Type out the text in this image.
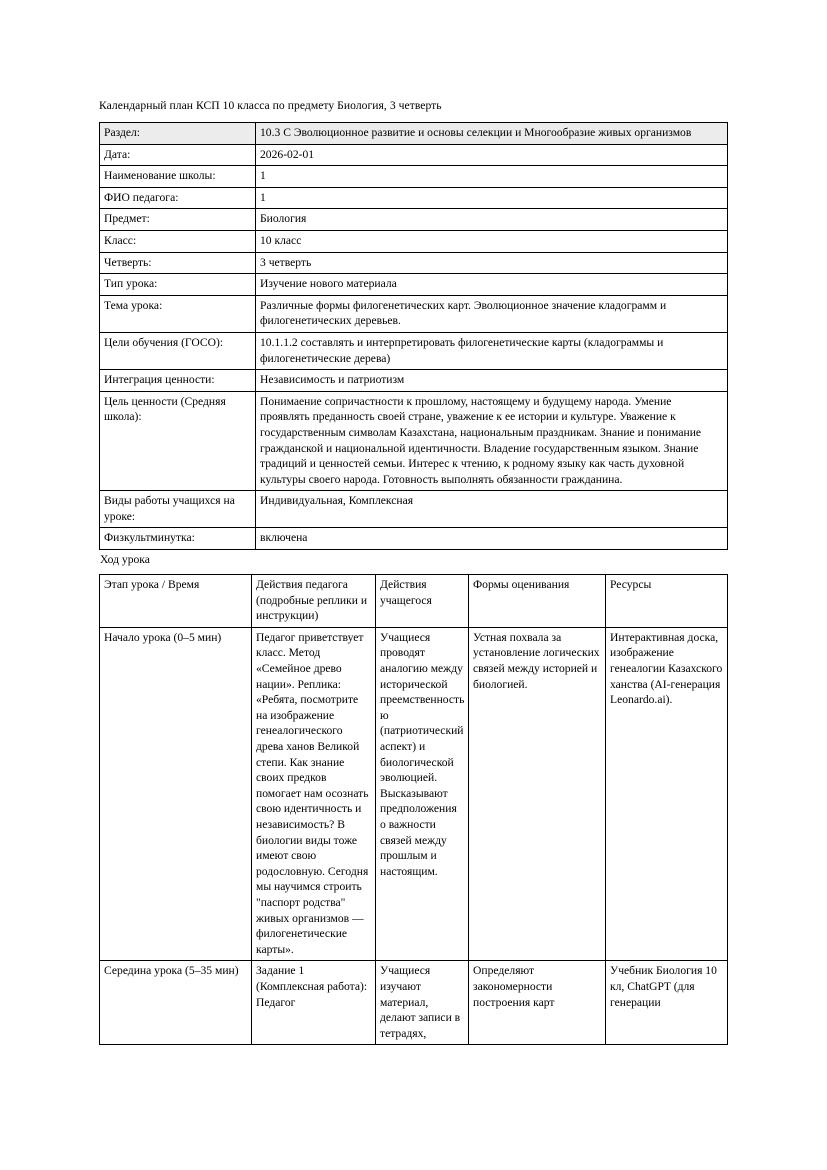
Календарный план КСП 10 класса по предмету Биология, 3 четверть

Раздел:	10.3 C Эволюционное развитие и основы селекции и Многообразие живых организмов
Дата:	2026-02-01
Наименование школы:	1
ФИО педагога:	1
Предмет:	Биология
Класс:	10 класс
Четверть:	3 четверть
Тип урока:	Изучение нового материала
Тема урока:	Различные формы филогенетических карт. Эволюционное значение кладограмм и филогенетических деревьев.
Цели обучения (ГОСО):	10.1.1.2 составлять и интерпретировать филогенетические карты (кладограммы и филогенетические дерева)
Интеграция ценности:	Независимость и патриотизм
Цель ценности (Средняя школа):	Понимаение сопричастности к прошлому, настоящему и будущему народа. Умение проявлять преданность своей стране, уважение к ее истории и культуре. Уважение к государственным символам Казахстана, национальным праздникам. Знание и понимание гражданской и национальной идентичности. Владение государственным языком. Знание традиций и ценностей семьи. Интерес к чтению, к родному языку как часть духовной культуры своего народа. Готовность выполнять обязанности гражданина.
Виды работы учащихся на уроке:	Индивидуальная, Комплексная
Физкультминутка:	включена

Ход урока

Этап урока / Время	Действия педагога (подробные реплики и инструкции)	Действия учащегося	Формы оценивания	Ресурсы
Начало урока (0–5 мин)	Педагог приветствует класс. Метод «Семейное древо нации». Реплика: «Ребята, посмотрите на изображение генеалогического древа ханов Великой степи. Как знание своих предков помогает нам осознать свою идентичность и независимость? В биологии виды тоже имеют свою родословную. Сегодня мы научимся строить "паспорт родства" живых организмов — филогенетические карты».	Учащиеся проводят аналогию между исторической преемственностью (патриотический аспект) и биологической эволюцией. Высказывают предположения о важности связей между прошлым и настоящим.	Устная похвала за установление логических связей между историей и биологией.	Интерактивная доска, изображение генеалогии Казахского ханства (AI-генерация Leonardo.ai).
Середина урока (5–35 мин)	Задание 1 (Комплексная работа): Педагог	Учащиеся изучают материал, делают записи в тетрадях,	Определяют закономерности построения карт	Учебник Биология 10 кл, ChatGPT (для генерации
